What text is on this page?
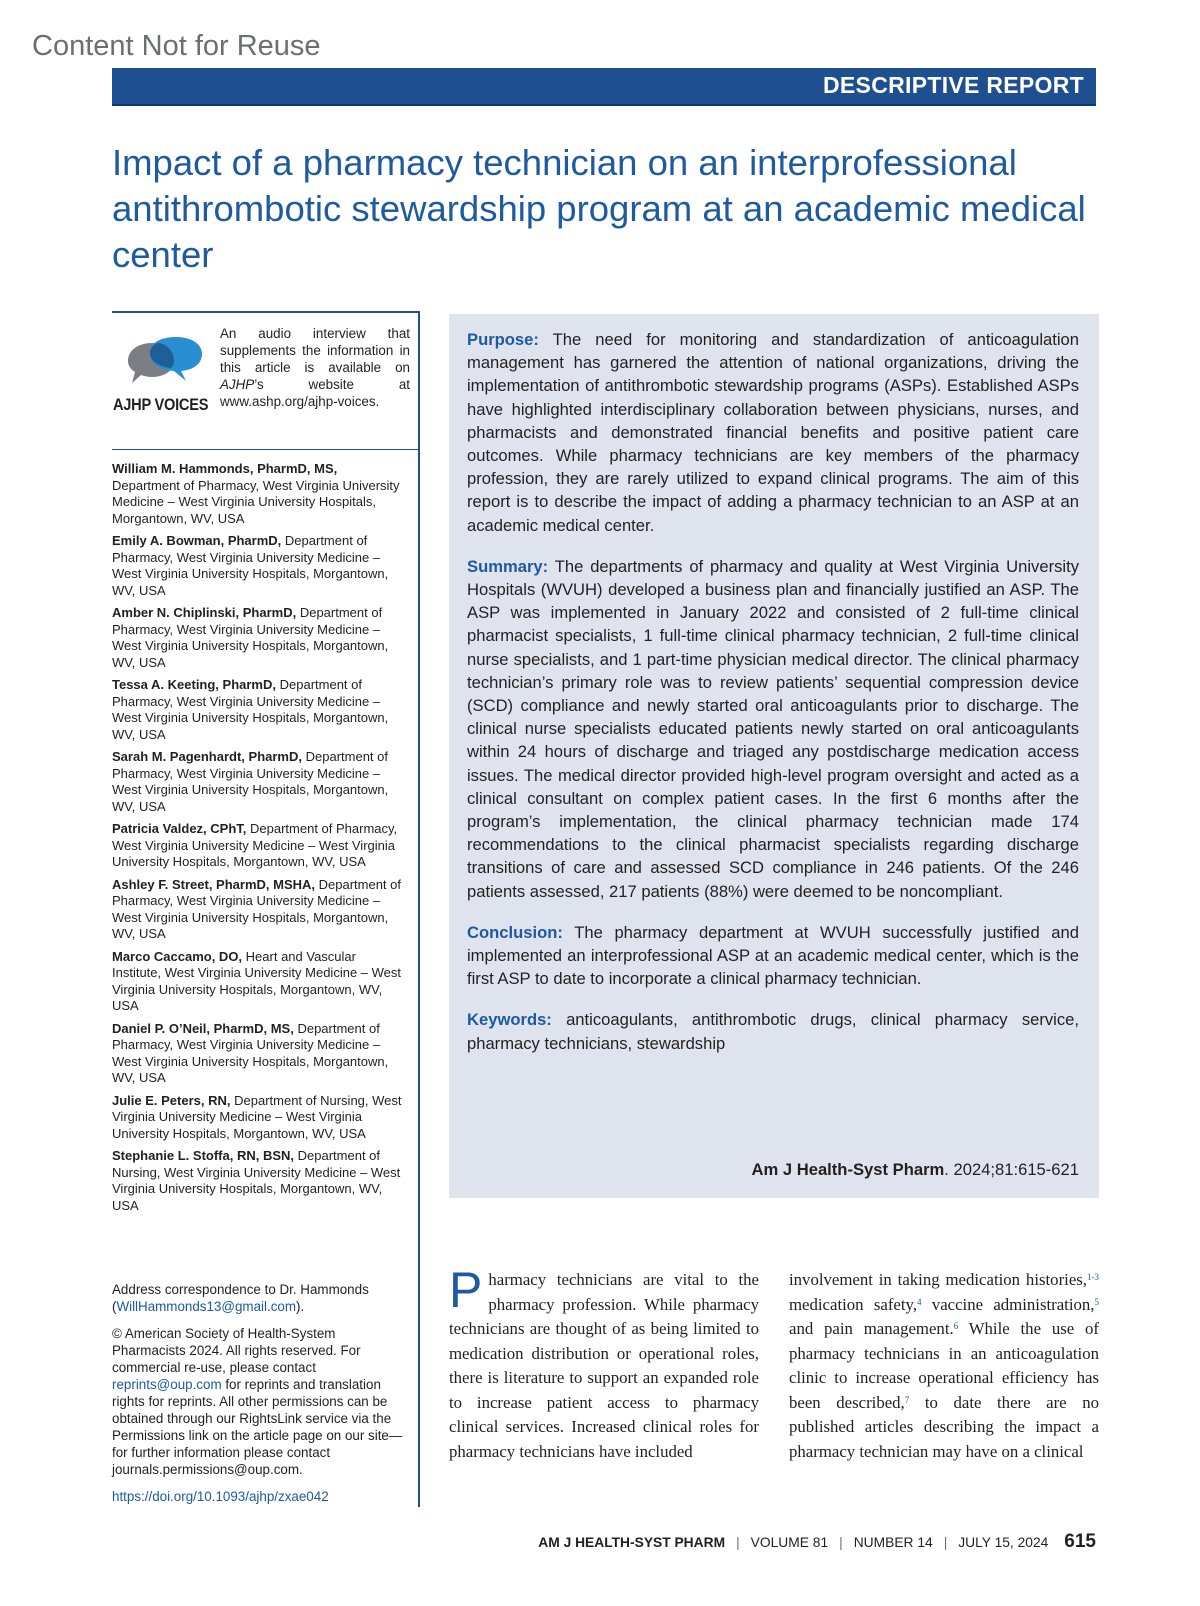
Content Not for Reuse
DESCRIPTIVE REPORT
Impact of a pharmacy technician on an interprofessional antithrombotic stewardship program at an academic medical center
AJHP VOICES
An audio interview that supplements the information in this article is available on AJHP’s website at www.ashp.org/ajhp-voices.
William M. Hammonds, PharmD, MS, Department of Pharmacy, West Virginia University Medicine – West Virginia University Hospitals, Morgantown, WV, USA
Emily A. Bowman, PharmD, Department of Pharmacy, West Virginia University Medicine – West Virginia University Hospitals, Morgantown, WV, USA
Amber N. Chiplinski, PharmD, Department of Pharmacy, West Virginia University Medicine – West Virginia University Hospitals, Morgantown, WV, USA
Tessa A. Keeting, PharmD, Department of Pharmacy, West Virginia University Medicine – West Virginia University Hospitals, Morgantown, WV, USA
Sarah M. Pagenhardt, PharmD, Department of Pharmacy, West Virginia University Medicine – West Virginia University Hospitals, Morgantown, WV, USA
Patricia Valdez, CPhT, Department of Pharmacy, West Virginia University Medicine – West Virginia University Hospitals, Morgantown, WV, USA
Ashley F. Street, PharmD, MSHA, Department of Pharmacy, West Virginia University Medicine – West Virginia University Hospitals, Morgantown, WV, USA
Marco Caccamo, DO, Heart and Vascular Institute, West Virginia University Medicine – West Virginia University Hospitals, Morgantown, WV, USA
Daniel P. O’Neil, PharmD, MS, Department of Pharmacy, West Virginia University Medicine – West Virginia University Hospitals, Morgantown, WV, USA
Julie E. Peters, RN, Department of Nursing, West Virginia University Medicine – West Virginia University Hospitals, Morgantown, WV, USA
Stephanie L. Stoffa, RN, BSN, Department of Nursing, West Virginia University Medicine – West Virginia University Hospitals, Morgantown, WV, USA

Address correspondence to Dr. Hammonds (WillHammonds13@gmail.com).

© American Society of Health-System Pharmacists 2024. All rights reserved. For commercial re-use, please contact reprints@oup.com for reprints and translation rights for reprints. All other permissions can be obtained through our RightsLink service via the Permissions link on the article page on our site—for further information please contact journals.permissions@oup.com.

https://doi.org/10.1093/ajhp/zxae042

Purpose: The need for monitoring and standardization of anticoagulation management has garnered the attention of national organizations, driving the implementation of antithrombotic stewardship programs (ASPs). Established ASPs have highlighted interdisciplinary collaboration between physicians, nurses, and pharmacists and demonstrated financial benefits and positive patient care outcomes. While pharmacy technicians are key members of the pharmacy profession, they are rarely utilized to expand clinical programs. The aim of this report is to describe the impact of adding a pharmacy technician to an ASP at an academic medical center.

Summary: The departments of pharmacy and quality at West Virginia University Hospitals (WVUH) developed a business plan and financially justified an ASP. The ASP was implemented in January 2022 and consisted of 2 full-time clinical pharmacist specialists, 1 full-time clinical pharmacy technician, 2 full-time clinical nurse specialists, and 1 part-time physician medical director. The clinical pharmacy technician’s primary role was to review patients’ sequential compression device (SCD) compliance and newly started oral anticoagulants prior to discharge. The clinical nurse specialists educated patients newly started on oral anticoagulants within 24 hours of discharge and triaged any postdischarge medication access issues. The medical director provided high-level program oversight and acted as a clinical consultant on complex patient cases. In the first 6 months after the program’s implementation, the clinical pharmacy technician made 174 recommendations to the clinical pharmacist specialists regarding discharge transitions of care and assessed SCD compliance in 246 patients. Of the 246 patients assessed, 217 patients (88%) were deemed to be noncompliant.

Conclusion: The pharmacy department at WVUH successfully justified and implemented an interprofessional ASP at an academic medical center, which is the first ASP to date to incorporate a clinical pharmacy technician.

Keywords: anticoagulants, antithrombotic drugs, clinical pharmacy service, pharmacy technicians, stewardship

Am J Health-Syst Pharm. 2024;81:615-621
Pharmacy technicians are vital to the pharmacy profession. While pharmacy technicians are thought of as being limited to medication distribution or operational roles, there is literature to support an expanded role to increase patient access to pharmacy clinical services. Increased clinical roles for pharmacy technicians have included
involvement in taking medication histories,$^{1-3}$ medication safety,$^4$ vaccine administration,$^5$ and pain management.$^6$ While the use of pharmacy technicians in an anticoagulation clinic to increase operational efficiency has been described,$^7$ to date there are no published articles describing the impact a pharmacy technician may have on a clinical
AM J HEALTH-SYST PHARM | VOLUME 81 | NUMBER 14 | JULY 15, 2024 615
